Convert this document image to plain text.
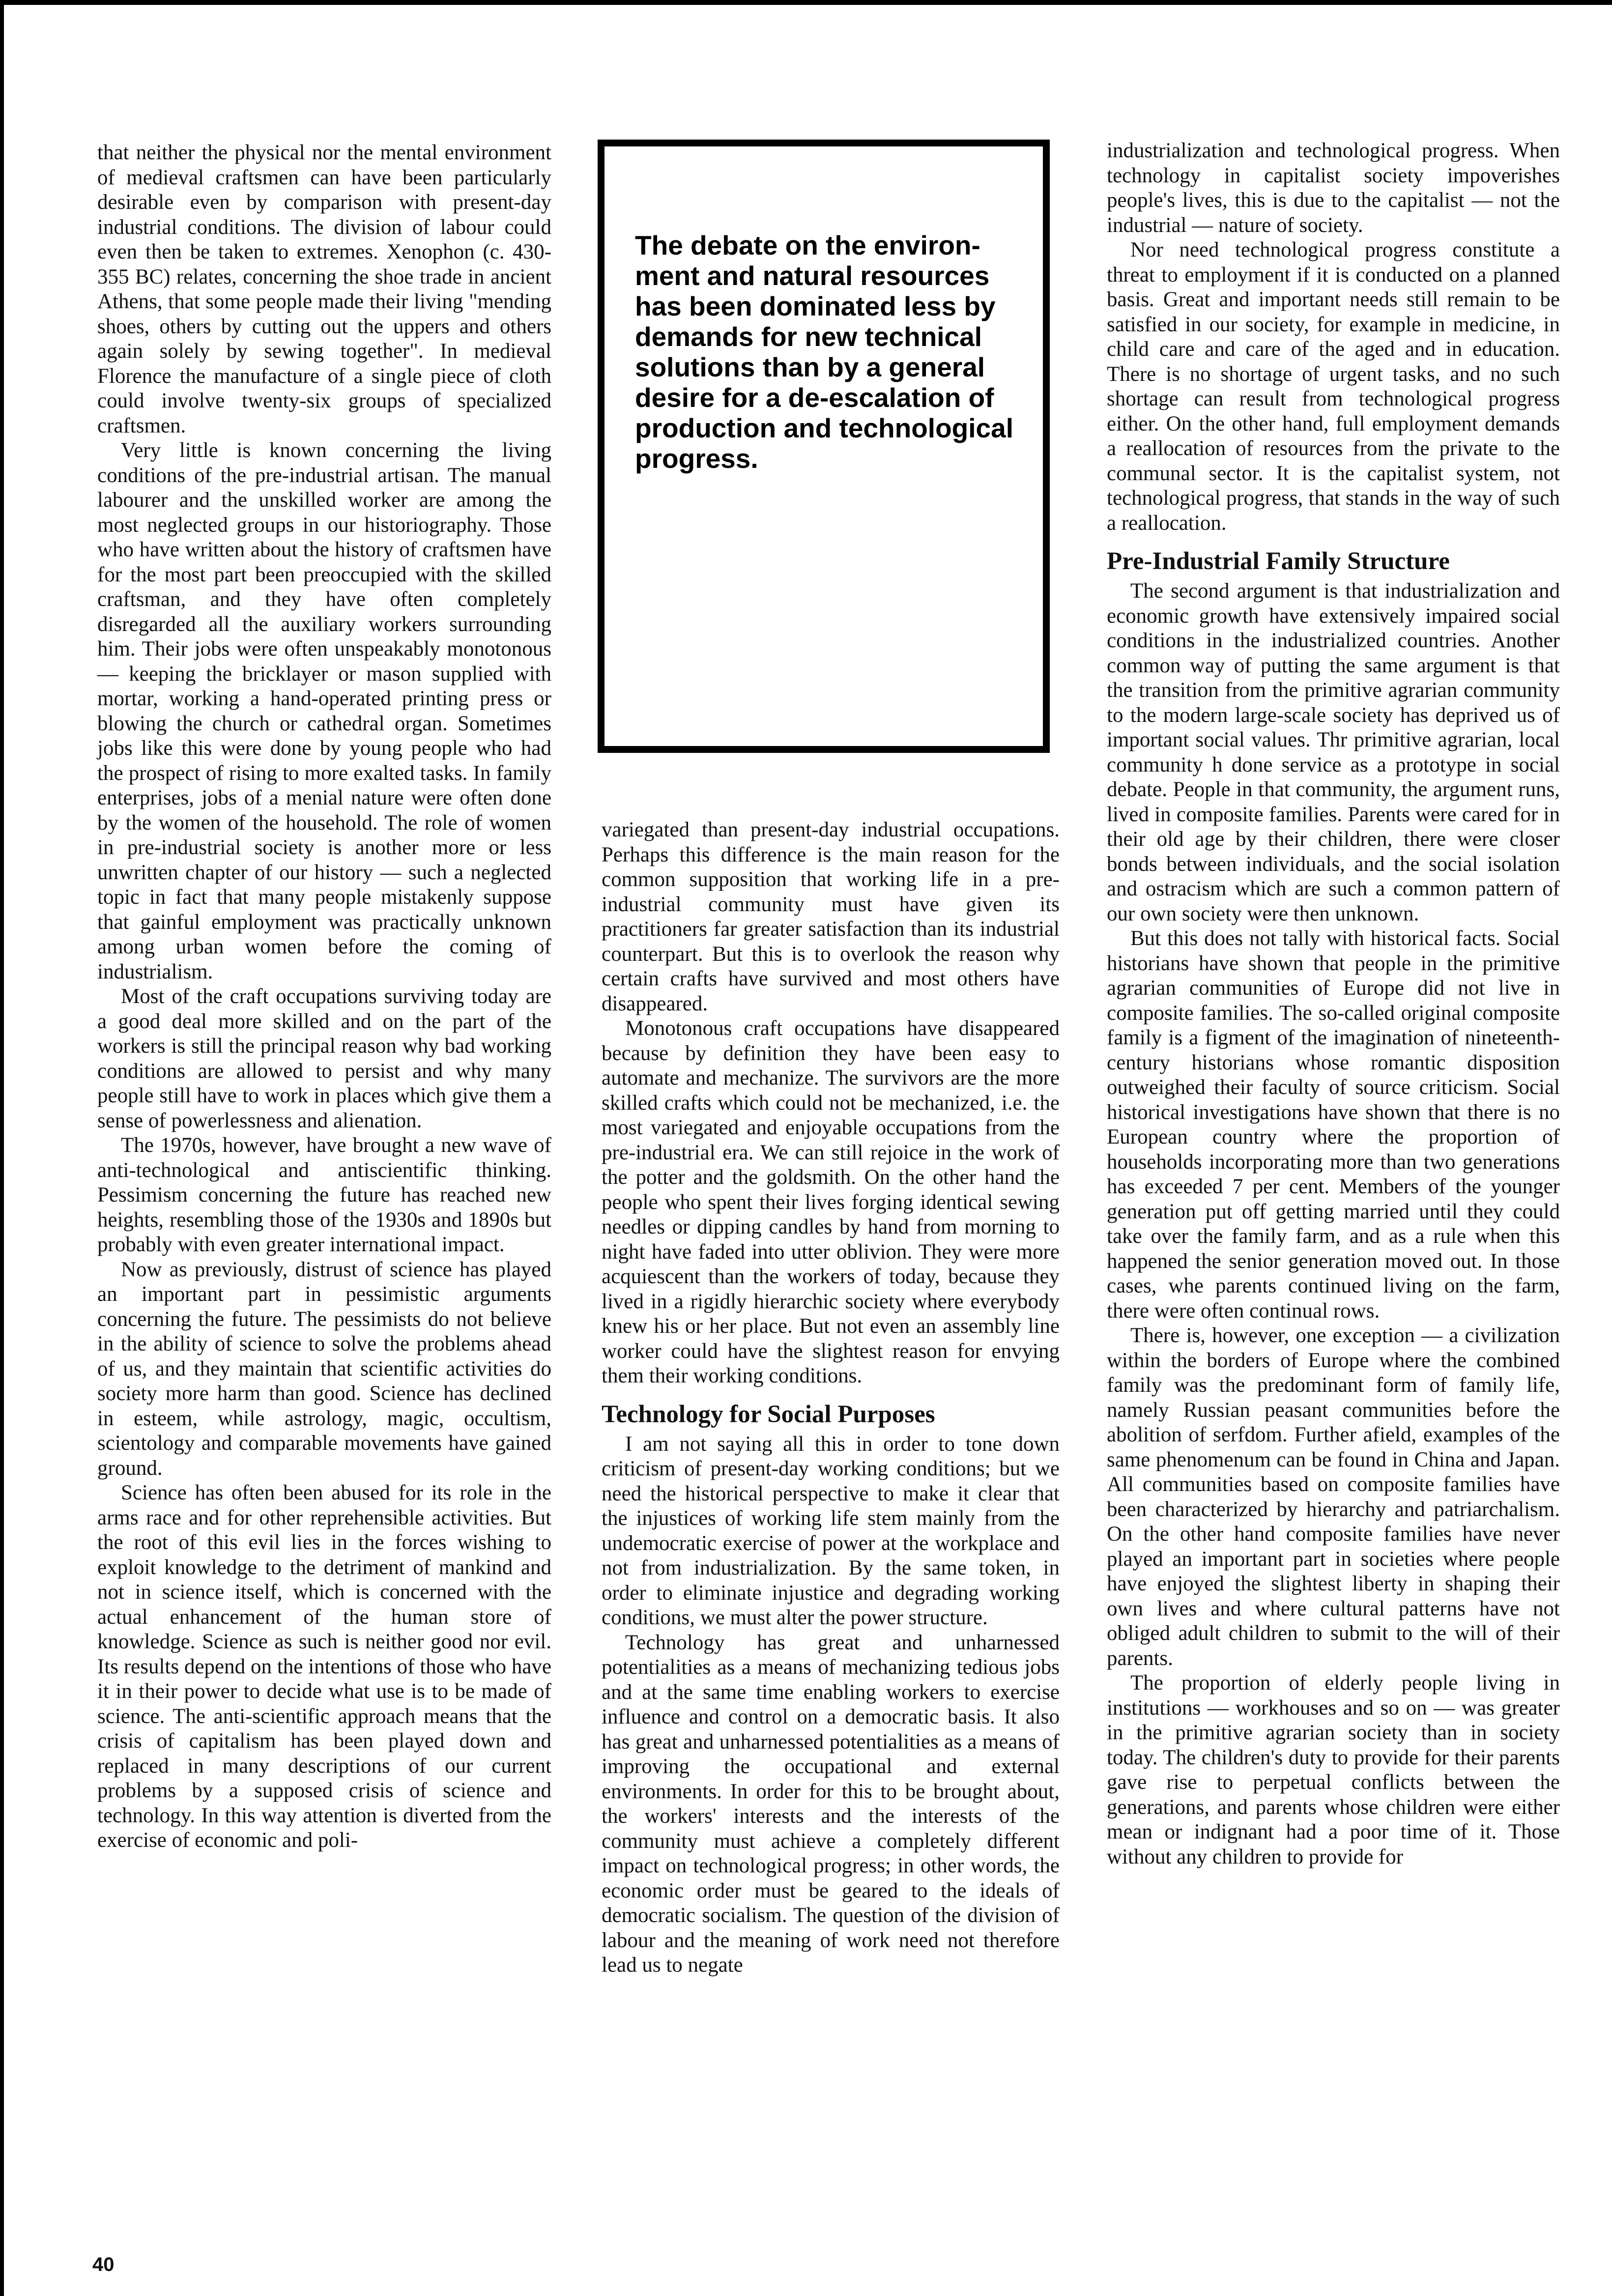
that neither the physical nor the mental environment of medieval craftsmen can have been particularly desirable even by comparison with present-day industrial conditions. The division of labour could even then be taken to extremes. Xenophon (c. 430-355 BC) relates, concerning the shoe trade in ancient Athens, that some people made their living "mending shoes, others by cutting out the uppers and others again solely by sewing together". In medieval Florence the manufacture of a single piece of cloth could involve twenty-six groups of specialized craftsmen.

Very little is known concerning the living conditions of the pre-industrial artisan. The manual labourer and the unskilled worker are among the most neglected groups in our historiography. Those who have written about the history of craftsmen have for the most part been preoccupied with the skilled craftsman, and they have often completely disregarded all the auxiliary workers surrounding him. Their jobs were often unspeakably monotonous — keeping the bricklayer or mason supplied with mortar, working a hand-operated printing press or blowing the church or cathedral organ. Sometimes jobs like this were done by young people who had the prospect of rising to more exalted tasks. In family enterprises, jobs of a menial nature were often done by the women of the household. The role of women in pre-industrial society is another more or less unwritten chapter of our history — such a neglected topic in fact that many people mistakenly suppose that gainful employment was practically unknown among urban women before the coming of industrialism.

Most of the craft occupations surviving today are a good deal more skilled and on the part of the workers is still the principal reason why bad working conditions are allowed to persist and why many people still have to work in places which give them a sense of powerlessness and alienation.

The 1970s, however, have brought a new wave of anti-technological and antiscientific thinking. Pessimism concerning the future has reached new heights, resembling those of the 1930s and 1890s but probably with even greater international impact.

Now as previously, distrust of science has played an important part in pessimistic arguments concerning the future. The pessimists do not believe in the ability of science to solve the problems ahead of us, and they maintain that scientific activities do society more harm than good. Science has declined in esteem, while astrology, magic, occultism, scientology and comparable movements have gained ground.

Science has often been abused for its role in the arms race and for other reprehensible activities. But the root of this evil lies in the forces wishing to exploit knowledge to the detriment of mankind and not in science itself, which is concerned with the actual enhancement of the human store of knowledge. Science as such is neither good nor evil. Its results depend on the intentions of those who have it in their power to decide what use is to be made of science. The anti-scientific approach means that the crisis of capitalism has been played down and replaced in many descriptions of our current problems by a supposed crisis of science and technology. In this way attention is diverted from the exercise of economic and poli-

The debate on the environ- ment and natural resources has been dominated less by demands for new technical solutions than by a general desire for a de-escalation of production and technological progress.

variegated than present-day industrial occupations. Perhaps this difference is the main reason for the common supposition that working life in a pre-industrial community must have given its practitioners far greater satisfaction than its industrial counterpart. But this is to overlook the reason why certain crafts have survived and most others have disappeared.

Monotonous craft occupations have disappeared because by definition they have been easy to automate and mechanize. The survivors are the more skilled crafts which could not be mechanized, i.e. the most variegated and enjoyable occupations from the pre-industrial era. We can still rejoice in the work of the potter and the goldsmith. On the other hand the people who spent their lives forging identical sewing needles or dipping candles by hand from morning to night have faded into utter oblivion. They were more acquiescent than the workers of today, because they lived in a rigidly hierarchic society where everybody knew his or her place. But not even an assembly line worker could have the slightest reason for envying them their working conditions.

Technology for Social Purposes

I am not saying all this in order to tone down criticism of present-day working conditions; but we need the historical perspective to make it clear that the injustices of working life stem mainly from the undemocratic exercise of power at the workplace and not from industrialization. By the same token, in order to eliminate injustice and degrading working conditions, we must alter the power structure.

Technology has great and unharnessed potentialities as a means of mechanizing tedious jobs and at the same time enabling workers to exercise influence and control on a democratic basis. It also has great and unharnessed potentialities as a means of improving the occupational and external environments. In order for this to be brought about, the workers' interests and the interests of the community must achieve a completely different impact on technological progress; in other words, the economic order must be geared to the ideals of democratic socialism. The question of the division of labour and the meaning of work need not therefore lead us to negate

industrialization and technological progress. When technology in capitalist society impoverishes people's lives, this is due to the capitalist — not the industrial — nature of society.

Nor need technological progress constitute a threat to employment if it is conducted on a planned basis. Great and important needs still remain to be satisfied in our society, for example in medicine, in child care and care of the aged and in education. There is no shortage of urgent tasks, and no such shortage can result from technological progress either. On the other hand, full employment demands a reallocation of resources from the private to the communal sector. It is the capitalist system, not technological progress, that stands in the way of such a reallocation.

Pre-Industrial Family Structure

The second argument is that industrialization and economic growth have extensively impaired social conditions in the industrialized countries. Another common way of putting the same argument is that the transition from the primitive agrarian community to the modern large-scale society has deprived us of important social values. Thr primitive agrarian, local community h done service as a prototype in social debate. People in that community, the argument runs, lived in composite families. Parents were cared for in their old age by their children, there were closer bonds between individuals, and the social isolation and ostracism which are such a common pattern of our own society were then unknown.

But this does not tally with historical facts. Social historians have shown that people in the primitive agrarian communities of Europe did not live in composite families. The so-called original composite family is a figment of the imagination of nineteenth-century historians whose romantic disposition outweighed their faculty of source criticism. Social historical investigations have shown that there is no European country where the proportion of households incorporating more than two generations has exceeded 7 per cent. Members of the younger generation put off getting married until they could take over the family farm, and as a rule when this happened the senior generation moved out. In those cases, whe parents continued living on the farm, there were often continual rows.

There is, however, one exception — a civilization within the borders of Europe where the combined family was the predominant form of family life, namely Russian peasant communities before the abolition of serfdom. Further afield, examples of the same phenomenum can be found in China and Japan. All communities based on composite families have been characterized by hierarchy and patriarchalism. On the other hand composite families have never played an important part in societies where people have enjoyed the slightest liberty in shaping their own lives and where cultural patterns have not obliged adult children to submit to the will of their parents.

The proportion of elderly people living in institutions — workhouses and so on — was greater in the primitive agrarian society than in society today. The children's duty to provide for their parents gave rise to perpetual conflicts between the generations, and parents whose children were either mean or indignant had a poor time of it. Those without any children to provide for

40
